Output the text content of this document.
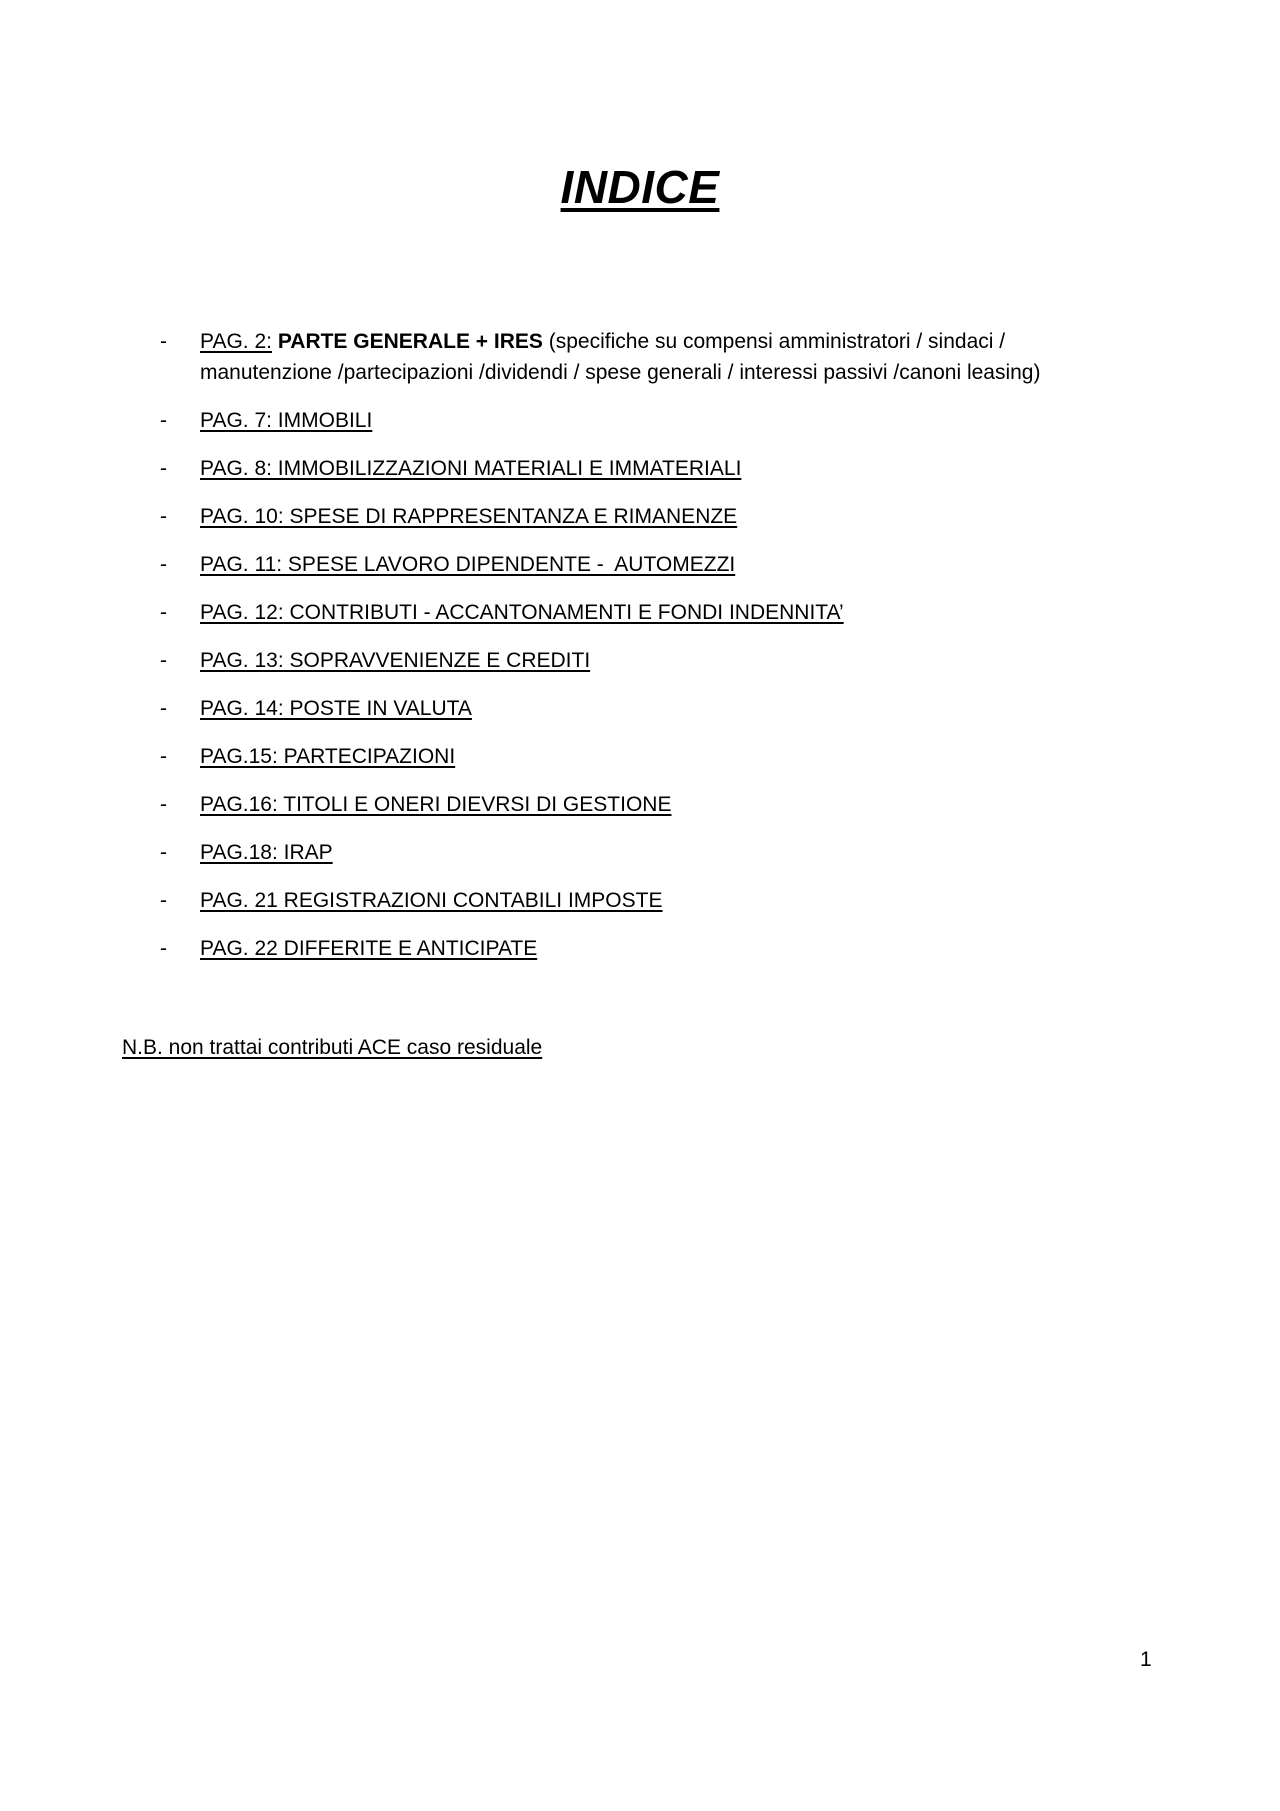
INDICE
- PAG. 2: PARTE GENERALE + IRES (specifiche su compensi amministratori / sindaci / manutenzione /partecipazioni /dividendi / spese generali / interessi passivi /canoni leasing)
- PAG. 7: IMMOBILI
- PAG. 8: IMMOBILIZZAZIONI MATERIALI E IMMATERIALI
- PAG. 10: SPESE DI RAPPRESENTANZA E RIMANENZE
- PAG. 11: SPESE LAVORO DIPENDENTE -  AUTOMEZZI
- PAG. 12: CONTRIBUTI - ACCANTONAMENTI E FONDI INDENNITA’
- PAG. 13: SOPRAVVENIENZE E CREDITI
- PAG. 14: POSTE IN VALUTA
- PAG.15: PARTECIPAZIONI
- PAG.16: TITOLI E ONERI DIEVRSI DI GESTIONE
- PAG.18: IRAP
- PAG. 21 REGISTRAZIONI CONTABILI IMPOSTE
- PAG. 22 DIFFERITE E ANTICIPATE
N.B. non trattai contributi ACE caso residuale
1
